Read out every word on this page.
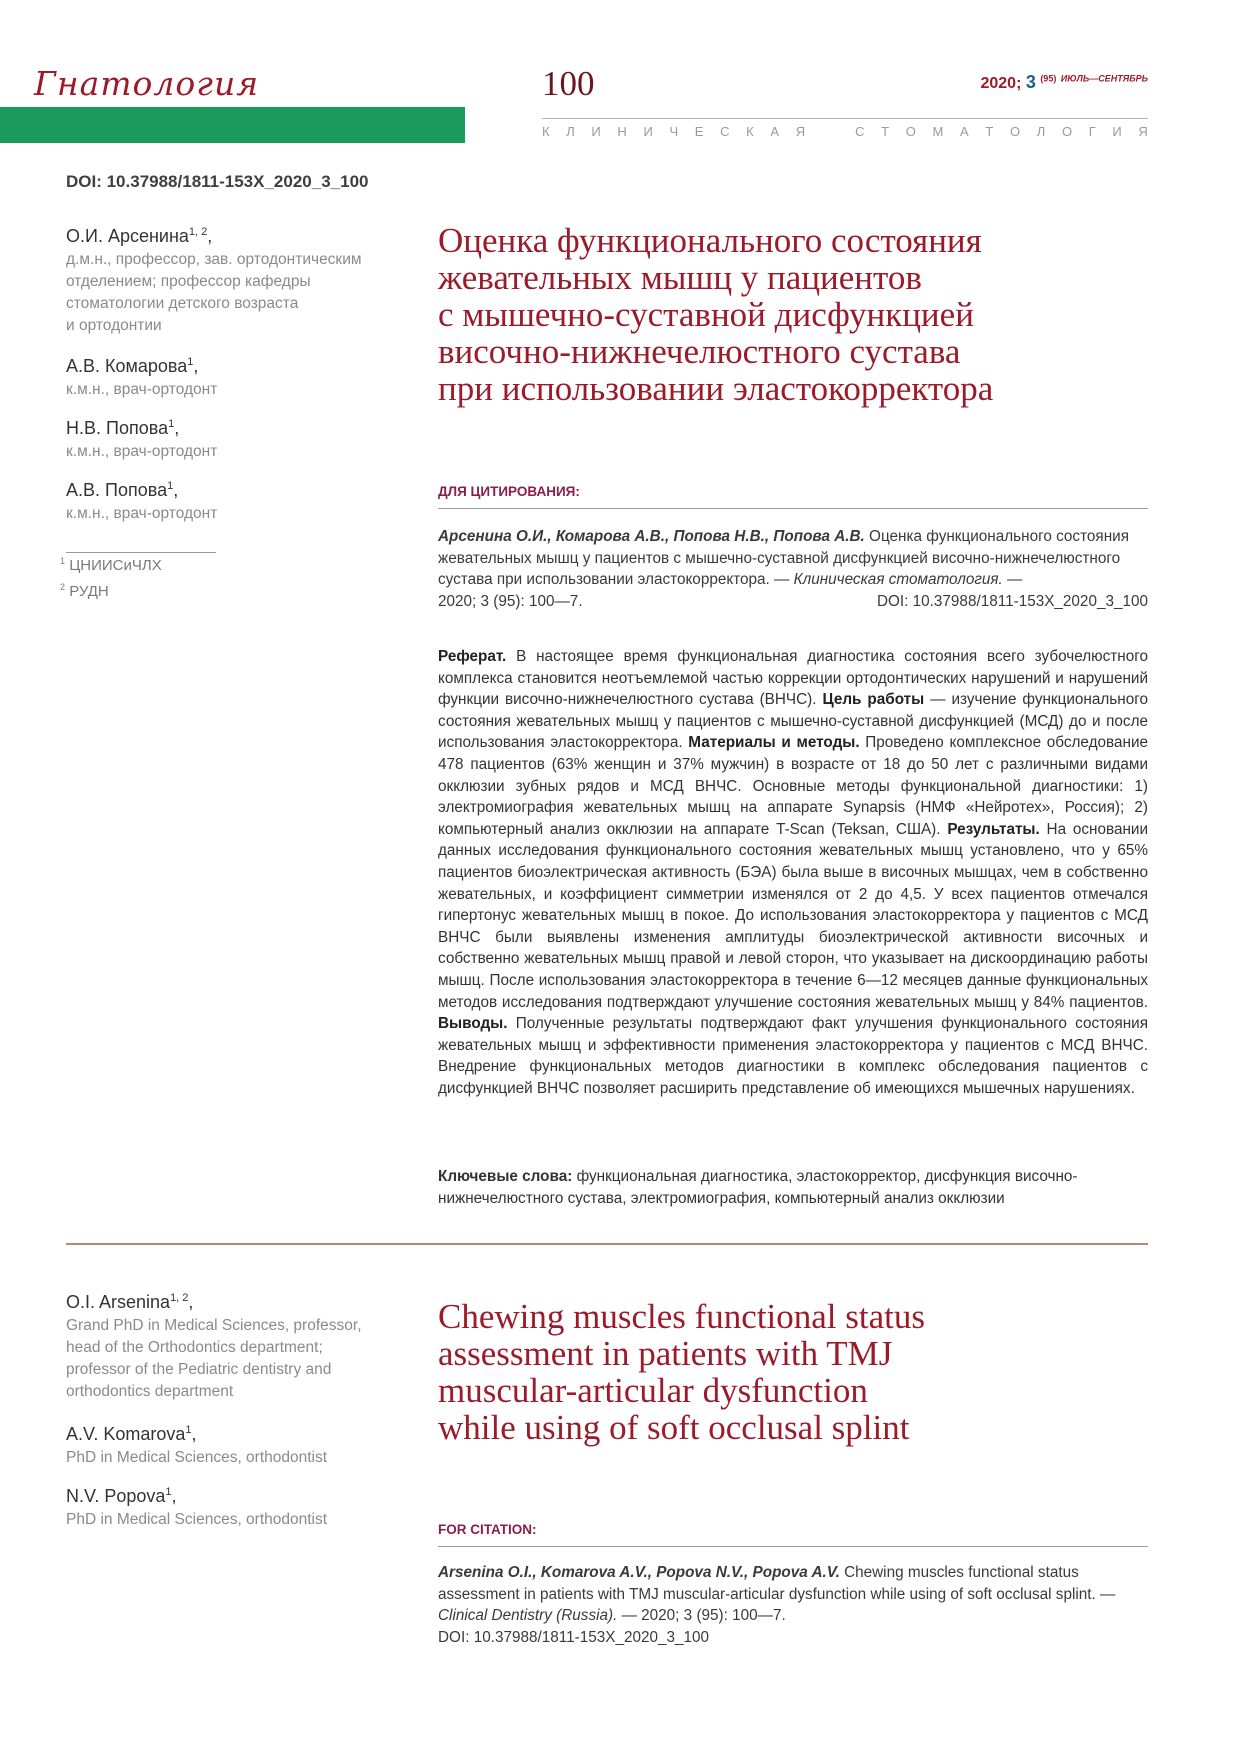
Гнатология	100	2020; 3 $^{(95)}$ $^{ИЮЛЬ—СЕНТЯБРЬ}$
К Л И Н И Ч Е С К А Я	С Т О М А Т О Л О Г И Я
DOI: 10.37988/1811-153X_2020_3_100
О.И. Арсенина$^{1, 2}$,
д.м.н., профессор, зав. ортодонтическим
отделением; профессор кафедры
стоматологии детского возраста
и ортодонтии
А.В. Комарова$^1$,
к.м.н., врач-ортодонт
Н.В. Попова$^1$,
к.м.н., врач-ортодонт
А.В. Попова$^1$,
к.м.н., врач-ортодонт
$^1$ ЦНИИСиЧЛХ
$^2$ РУДН
Оценка функционального состояния
жевательных мышц у пациентов
с мышечно-суставной дисфункцией
височно-нижнечелюстного сустава
при использовании эластокорректора
ДЛЯ ЦИТИРОВАНИЯ:
Арсенина О.И., Комарова А.В., Попова Н.В., Попова А.В. Оценка функционального состояния жевательных мышц у пациентов с мышечно-суставной дисфункцией височно-нижнечелюстного сустава при использовании эластокорректора. — Клиническая стоматология. —
2020; 3 (95): 100—7.	DOI: 10.37988/1811-153X_2020_3_100

Реферат. В настоящее время функциональная диагностика состояния всего зубочелюстного комплекса становится неотъемлемой частью коррекции ортодонтических нарушений и нарушений функции височно-нижнечелюстного сустава (ВНЧС). Цель работы — изучение функционального состояния жевательных мышц у пациентов с мышечно-суставной дисфункцией (МСД) до и после использования эластокорректора. Материалы и методы. Проведено комплексное обследование 478 пациентов (63% женщин и 37% мужчин) в возрасте от 18 до 50 лет с различными видами окклюзии зубных рядов и МСД ВНЧС. Основные методы функциональной диагностики: 1) электромиография жевательных мышц на аппарате Synapsis (НМФ «Нейротех», Россия); 2) компьютерный анализ окклюзии на аппарате T-Scan (Teksan, США). Результаты. На основании данных исследования функционального состояния жевательных мышц установлено, что у 65% пациентов биоэлектрическая активность (БЭА) была выше в височных мышцах, чем в собственно жевательных, и коэффициент симметрии изменялся от 2 до 4,5. У всех пациентов отмечался гипертонус жевательных мышц в покое. До использования эластокорректора у пациентов с МСД ВНЧС были выявлены изменения амплитуды биоэлектрической активности височных и собственно жевательных мышц правой и левой сторон, что указывает на дискоординацию работы мышц. После использования эластокорректора в течение 6—12 месяцев данные функциональных методов исследования подтверждают улучшение состояния жевательных мышц у 84% пациентов. Выводы. Полученные результаты подтверждают факт улучшения функционального состояния жевательных мышц и эффективности применения эластокорректора у пациентов с МСД ВНЧС. Внедрение функциональных методов диагностики в комплекс обследования пациентов с дисфункцией ВНЧС позволяет расширить представление об имеющихся мышечных нарушениях.

Ключевые слова: функциональная диагностика, эластокорректор, дисфункция височно-нижнечелюстного сустава, электромиография, компьютерный анализ окклюзии

O.I. Arsenina$^{1, 2}$,
Grand PhD in Medical Sciences, professor,
head of the Orthodontics department;
professor of the Pediatric dentistry and
orthodontics department
A.V. Komarova$^1$,
PhD in Medical Sciences, orthodontist
N.V. Popova$^1$,
PhD in Medical Sciences, orthodontist
Chewing muscles functional status
assessment in patients with TMJ
muscular-articular dysfunction
while using of soft occlusal splint
FOR CITATION:
Arsenina O.I., Komarova A.V., Popova N.V., Popova A.V. Chewing muscles functional status assessment in patients with TMJ muscular-articular dysfunction while using of soft occlusal splint. — Clinical Dentistry (Russia). — 2020; 3 (95): 100—7.
DOI: 10.37988/1811-153X_2020_3_100
